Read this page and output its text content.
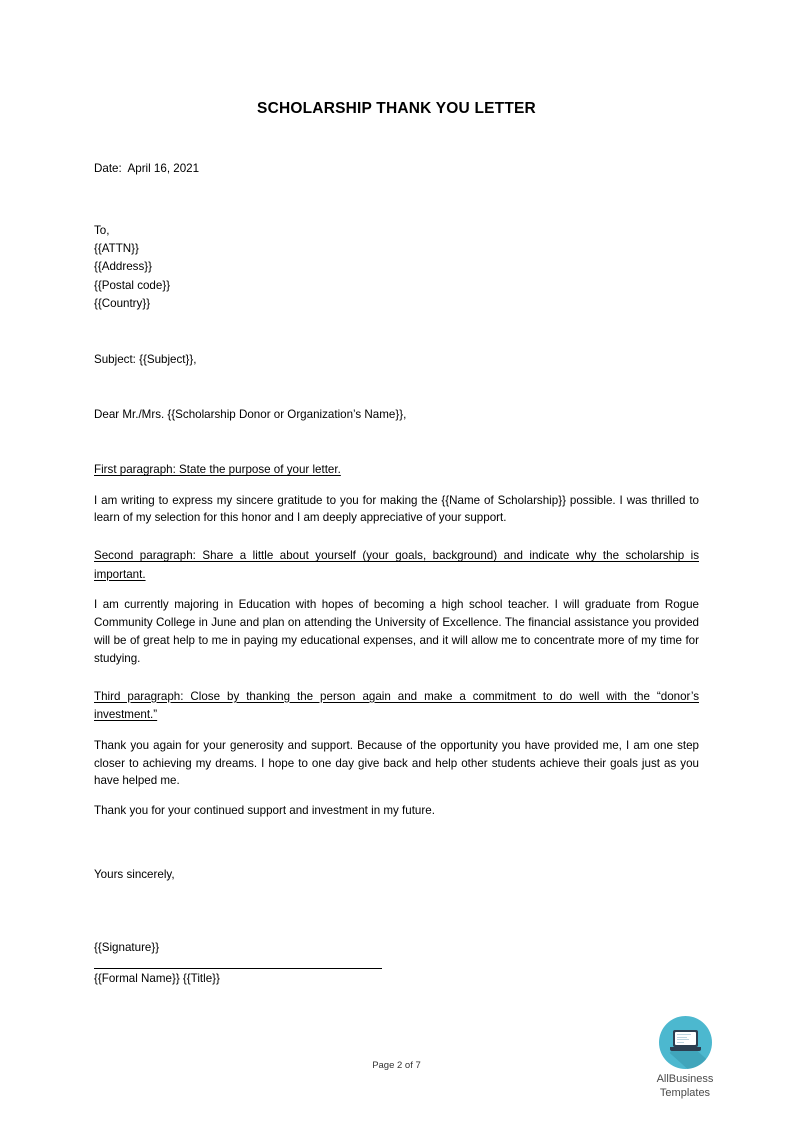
SCHOLARSHIP THANK YOU LETTER
Date:  April 16, 2021
To,
{{ATTN}}
{{Address}}
{{Postal code}}
{{Country}}
Subject: {{Subject}},
Dear Mr./Mrs. {{Scholarship Donor or Organization’s Name}},
First paragraph: State the purpose of your letter.
I am writing to express my sincere gratitude to you for making the {{Name of Scholarship}} possible. I was thrilled to learn of my selection for this honor and I am deeply appreciative of your support.
Second paragraph: Share a little about yourself (your goals, background) and indicate why the scholarship is important.
I am currently majoring in Education with hopes of becoming a high school teacher. I will graduate from Rogue Community College in June and plan on attending the University of Excellence. The financial assistance you provided will be of great help to me in paying my educational expenses, and it will allow me to concentrate more of my time for studying.
Third paragraph: Close by thanking the person again and make a commitment to do well with the “donor’s investment.”
Thank you again for your generosity and support. Because of the opportunity you have provided me, I am one step closer to achieving my dreams. I hope to one day give back and help other students achieve their goals just as you have helped me.
Thank you for your continued support and investment in my future.
Yours sincerely,
{{Signature}}
{{Formal Name}} {{Title}}
Page 2 of 7
AllBusiness
Templates
